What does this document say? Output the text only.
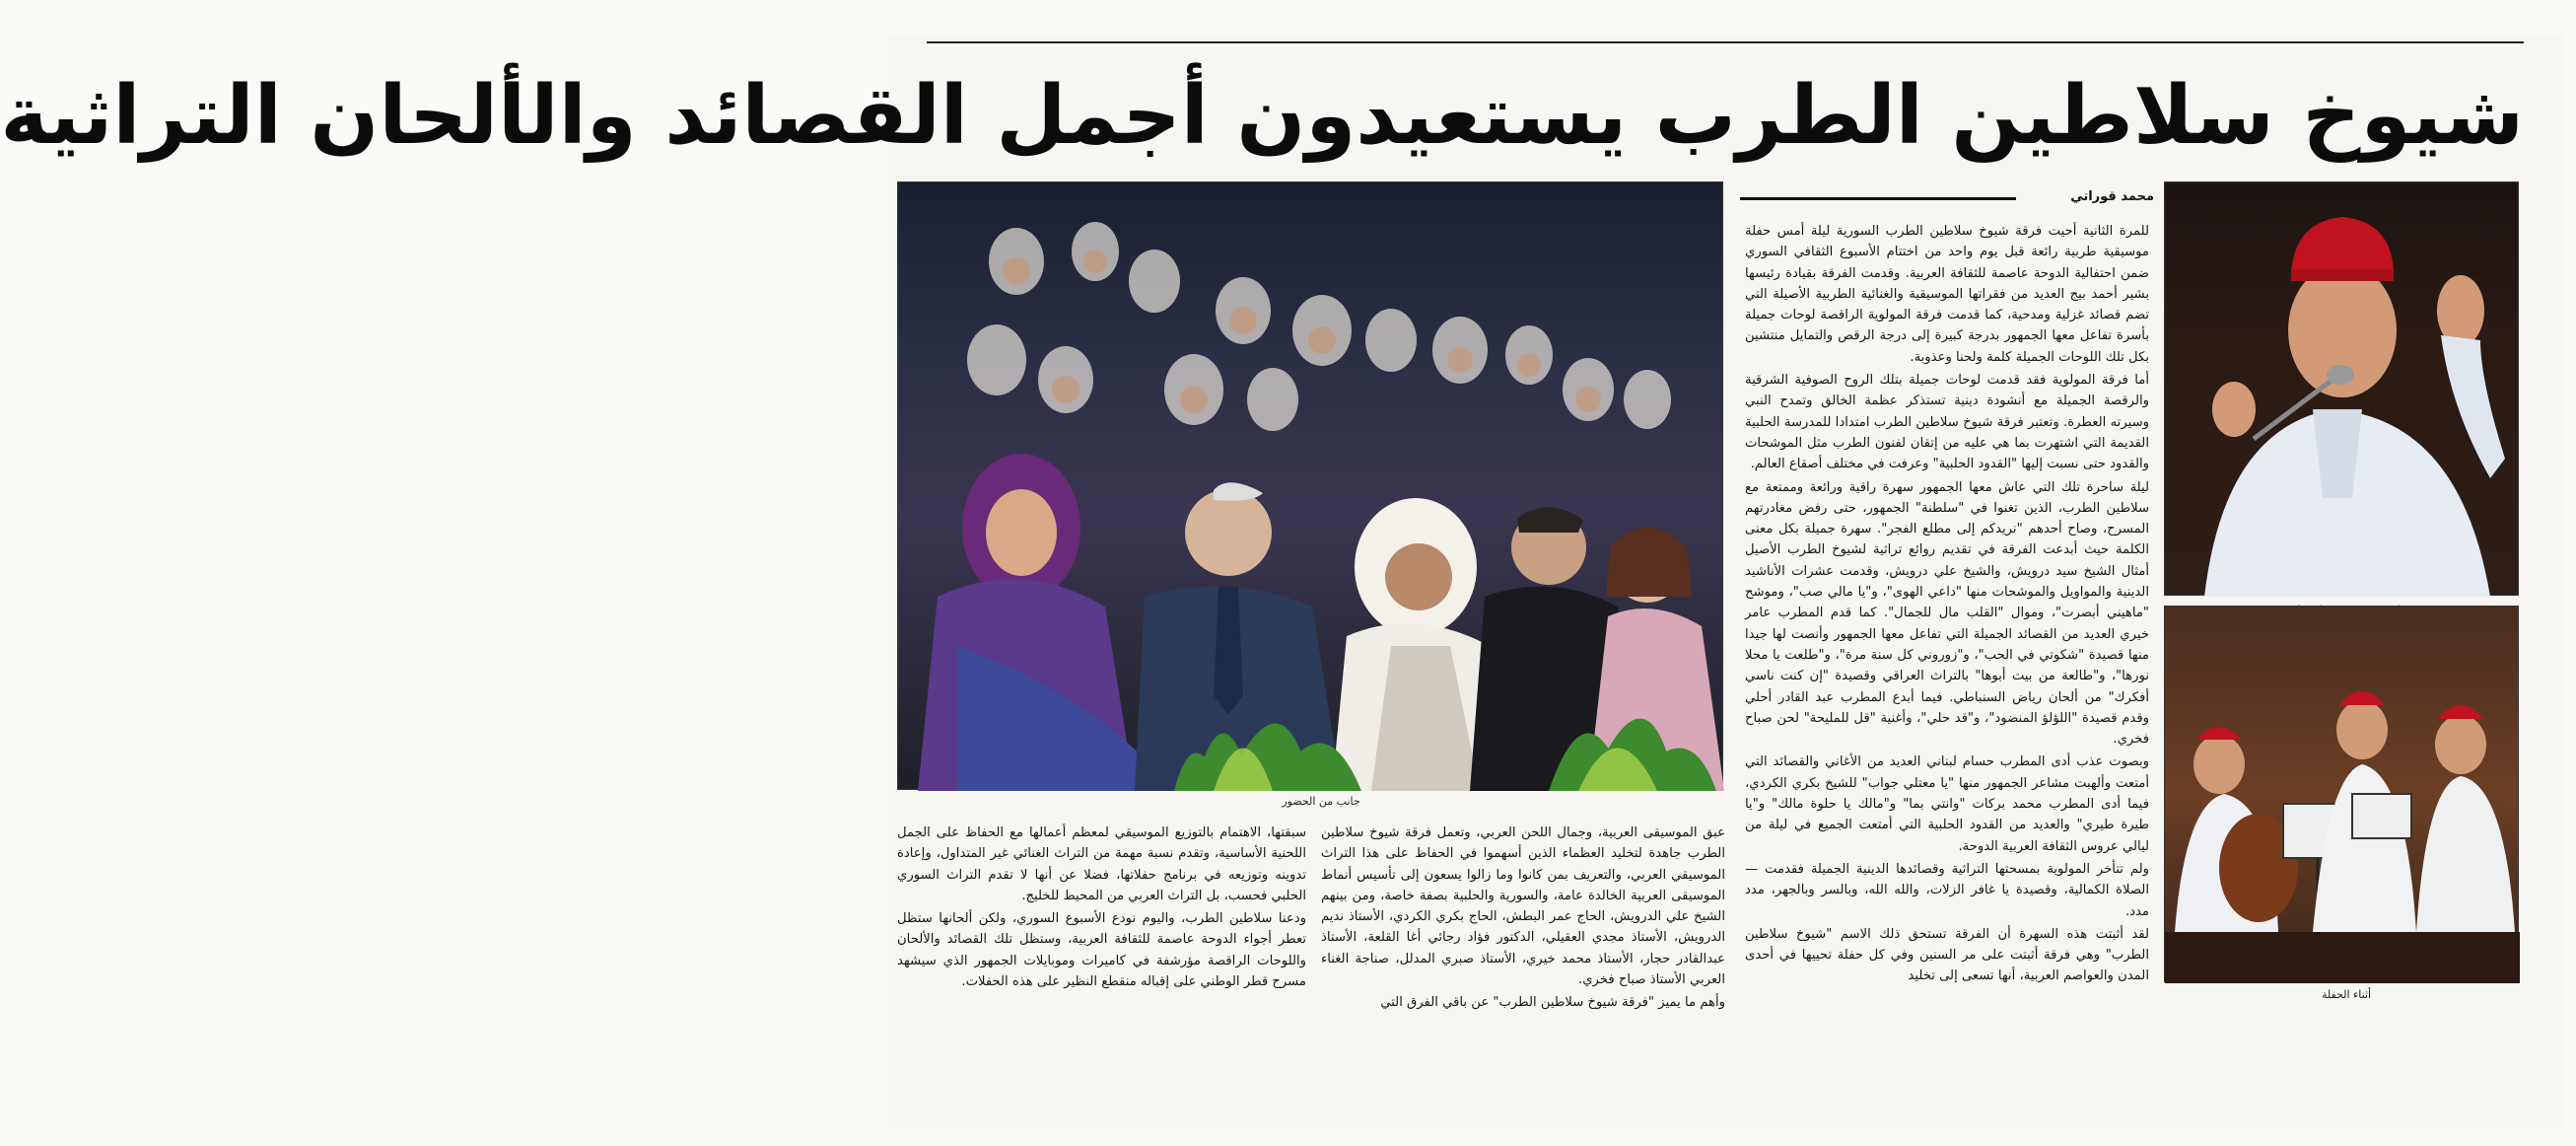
شيوخ سلاطين الطرب يستعيدون أجمل القصائد والألحان التراثية
جانب من الحضور
محمد قوراتي

للمرة الثانية أحيت فرقة شيوخ سلاطين الطرب السورية ليلة أمس حفلة موسيقية طربية رائعة قبل يوم واحد من اختتام الأسبوع الثقافي السوري ضمن احتفالية الدوحة عاصمة للثقافة العربية. وقدمت الفرقة بقيادة رئيسها بشير أحمد بيج العديد من فقراتها الموسيقية والغنائية الطربية الأصيلة التي تضم قصائد غزلية ومدحية، كما قدمت فرقة المولوية الراقصة لوحات جميلة بأسرة تفاعل معها الجمهور بدرجة كبيرة إلى درجة الرقص والتمايل منتشين بكل تلك اللوحات الجميلة كلمة ولحنا وعذوبة.

أما فرقة المولوية فقد قدمت لوحات جميلة بتلك الروح الصوفية الشرقية والرقصة الجميلة مع أنشودة دينية تستذكر عظمة الخالق وتمدح النبي وسيرته العطرة. وتعتبر فرقة شيوخ سلاطين الطرب امتدادا للمدرسة الحلبية القديمة التي اشتهرت بما هي عليه من إتقان لفنون الطرب مثل الموشحات والقدود حتى نسبت إليها "القدود الحلبية" وعرفت في مختلف أصقاع العالم.

ليلة ساحرة تلك التي عاش معها الجمهور سهرة راقية ورائعة وممتعة مع سلاطين الطرب، الذين تغنوا في "سلطنة" الجمهور، حتى رفض مغادرتهم المسرح، وصاح أحدهم "نريدكم إلى مطلع الفجر". سهرة جميلة بكل معنى الكلمة حيث أبدعت الفرقة في تقديم روائع تراثية لشيوخ الطرب الأصيل أمثال الشيخ سيد درويش، والشيخ علي درويش، وقدمت عشرات الأناشيد الدينية والمواويل والموشحات منها "داعي الهوى"، و"يا مالي صب"، وموشح "ماهيني أبصرت"، وموال "القلب مال للجمال". كما قدم المطرب عامر خيري العديد من القصائد الجميلة التي تفاعل معها الجمهور وأنصت لها جيدا منها قصيدة "شكوتي في الحب"، و"زوروني كل سنة مرة"، و"طلعت يا محلا نورها"، و"طالعة من بيت أبوها" بالتراث العراقي وقصيدة "إن كنت ناسي أفكرك" من ألحان رياض السنباطي. فيما أبدع المطرب عبد القادر أحلي وقدم قصيدة "اللؤلؤ المنضود"، و"قد حلي"، وأغنية "قل للمليحة" لحن صباح فخري.

وبصوت عذب أدى المطرب حسام لبناني العديد من الأغاني والقصائد التي أمتعت وألهبت مشاعر الجمهور منها "يا معتلي جواب" للشيخ بكري الكردي، فيما أدى المطرب محمد بركات "وانتي بما" و"مالك يا حلوة مالك" و"يا طيرة طيري" والعديد من القدود الحلبية التي أمتعت الجميع في ليلة من ليالي عروس الثقافة العربية الدوحة.

ولم تتأخر المولوية بمسحتها التراثية وقصائدها الدينية الجميلة فقدمت — الصلاة الكمالية، وقصيدة يا غافر الزلات، والله الله، وبالسر وبالجهر، مدد مدد.

لقد أثبتت هذه السهرة أن الفرقة تستحق ذلك الاسم "شيوخ سلاطين الطرب" وهي فرقة أثبتت على مر السنين وفي كل حفلة تحييها في أحدى المدن والعواصم العربية، أنها تسعى إلى تخليد

أثناء الحفلة

عبق الموسيقى العربية، وجمال اللحن العربي، وتعمل فرقة شيوخ سلاطين الطرب جاهدة لتخليد العظماء الذين أسهموا في الحفاظ على هذا التراث الموسيقي العربي، والتعريف بمن كانوا وما زالوا يسعون إلى تأسيس أنماط الموسيقى العربية الخالدة عامة، والسورية والحلبية بصفة خاصة، ومن بينهم الشيخ علي الدرويش، الحاج عمر البطش، الحاج بكري الكردي، الأستاذ نديم الدرويش، الأستاذ مجدي العقيلي، الدكتور فؤاد رجائي أغا القلعة، الأستاذ عبدالقادر حجار، الأستاذ محمد خيري، الأستاذ صبري المدلل، صناجة الغناء العربي الأستاذ صباح فخري.

وأهم ما يميز "فرقة شيوخ سلاطين الطرب" عن باقي الفرق التي

سبقتها، الاهتمام بالتوزيع الموسيقي لمعظم أعمالها مع الحفاظ على الجمل اللحنية الأساسية، وتقدم نسبة مهمة من التراث الغنائي غير المتداول، وإعادة تدوينه وتوزيعه في برنامج حفلاتها، فضلا عن أنها لا تقدم التراث السوري الحلبي فحسب، بل التراث العربي من المحيط للخليج.

ودعنا سلاطين الطرب، واليوم نودع الأسبوع السوري، ولكن ألحانها ستظل تعطر أجواء الدوحة عاصمة للثقافة العربية، وستظل تلك القصائد والألحان واللوحات الراقصة مؤرشفة في كاميرات وموبايلات الجمهور الذي سيشهد مسرح قطر الوطني على إقباله منقطع النظير على هذه الحفلات.
